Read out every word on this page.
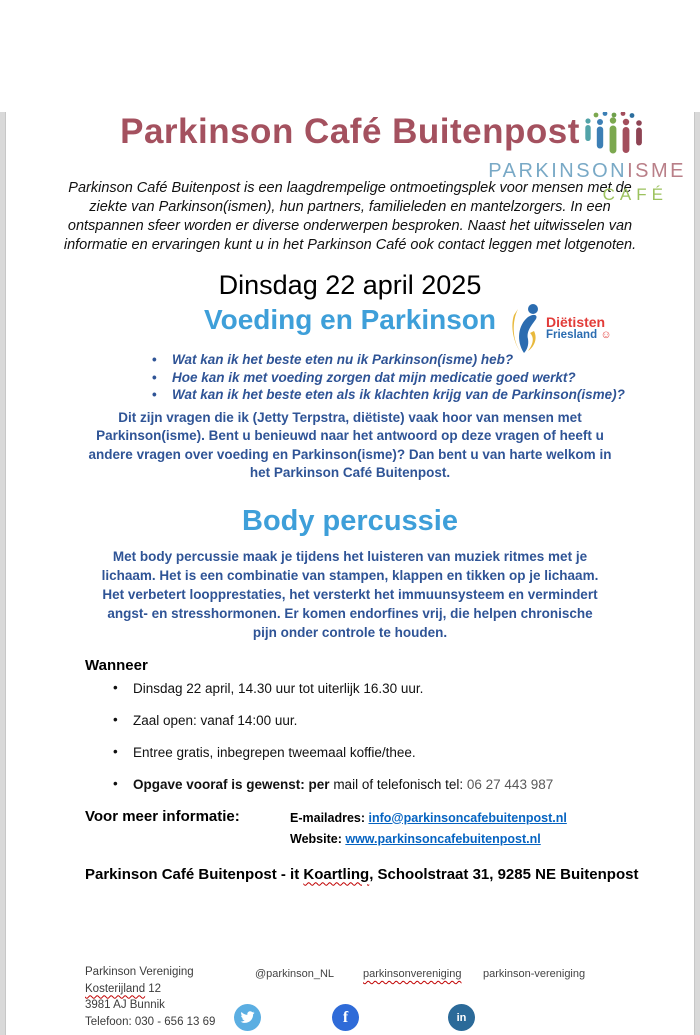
PARKINSONISME
CAFÉ
Parkinson Café Buitenpost

Parkinson Café Buitenpost is een laagdrempelige ontmoetingsplek voor mensen met de ziekte van Parkinson(ismen), hun partners, familieleden en mantelzorgers. In een ontspannen sfeer worden er diverse onderwerpen besproken. Naast het uitwisselen van informatie en ervaringen kunt u in het Parkinson Café ook contact leggen met lotgenoten.

Dinsdag 22 april 2025
Voeding en Parkinson	Diëtisten
Friesland ☺
• Wat kan ik het beste eten nu ik Parkinson(isme) heb?
• Hoe kan ik met voeding zorgen dat mijn medicatie goed werkt?
• Wat kan ik het beste eten als ik klachten krijg van de Parkinson(isme)?

Dit zijn vragen die ik (Jetty Terpstra, diëtiste) vaak hoor van mensen met Parkinson(isme). Bent u benieuwd naar het antwoord op deze vragen of heeft u andere vragen over voeding en Parkinson(isme)? Dan bent u van harte welkom in het Parkinson Café Buitenpost.

Body percussie

Met body percussie maak je tijdens het luisteren van muziek ritmes met je lichaam. Het is een combinatie van stampen, klappen en tikken op je lichaam. Het verbetert loopprestaties, het versterkt het immuunsysteem en vermindert angst- en stresshormonen. Er komen endorfines vrij, die helpen chronische pijn onder controle te houden.

Wanneer
• Dinsdag 22 april, 14.30 uur tot uiterlijk 16.30 uur.
• Zaal open: vanaf 14:00 uur.
• Entree gratis, inbegrepen tweemaal koffie/thee.
• Opgave vooraf is gewenst: per mail of telefonisch tel: 06 27 443 987
Voor meer informatie:	E-mailadres: info@parkinsoncafebuitenpost.nl
Website: www.parkinsoncafebuitenpost.nl
Parkinson Café Buitenpost - it Koartling, Schoolstraat 31, 9285 NE Buitenpost
Parkinson Vereniging
Kosterijland 12
3981 AJ Bunnik
Telefoon: 030 - 656 13 69
@parkinson_NL	parkinsonvereniging parkinson-vereniging
f	in
